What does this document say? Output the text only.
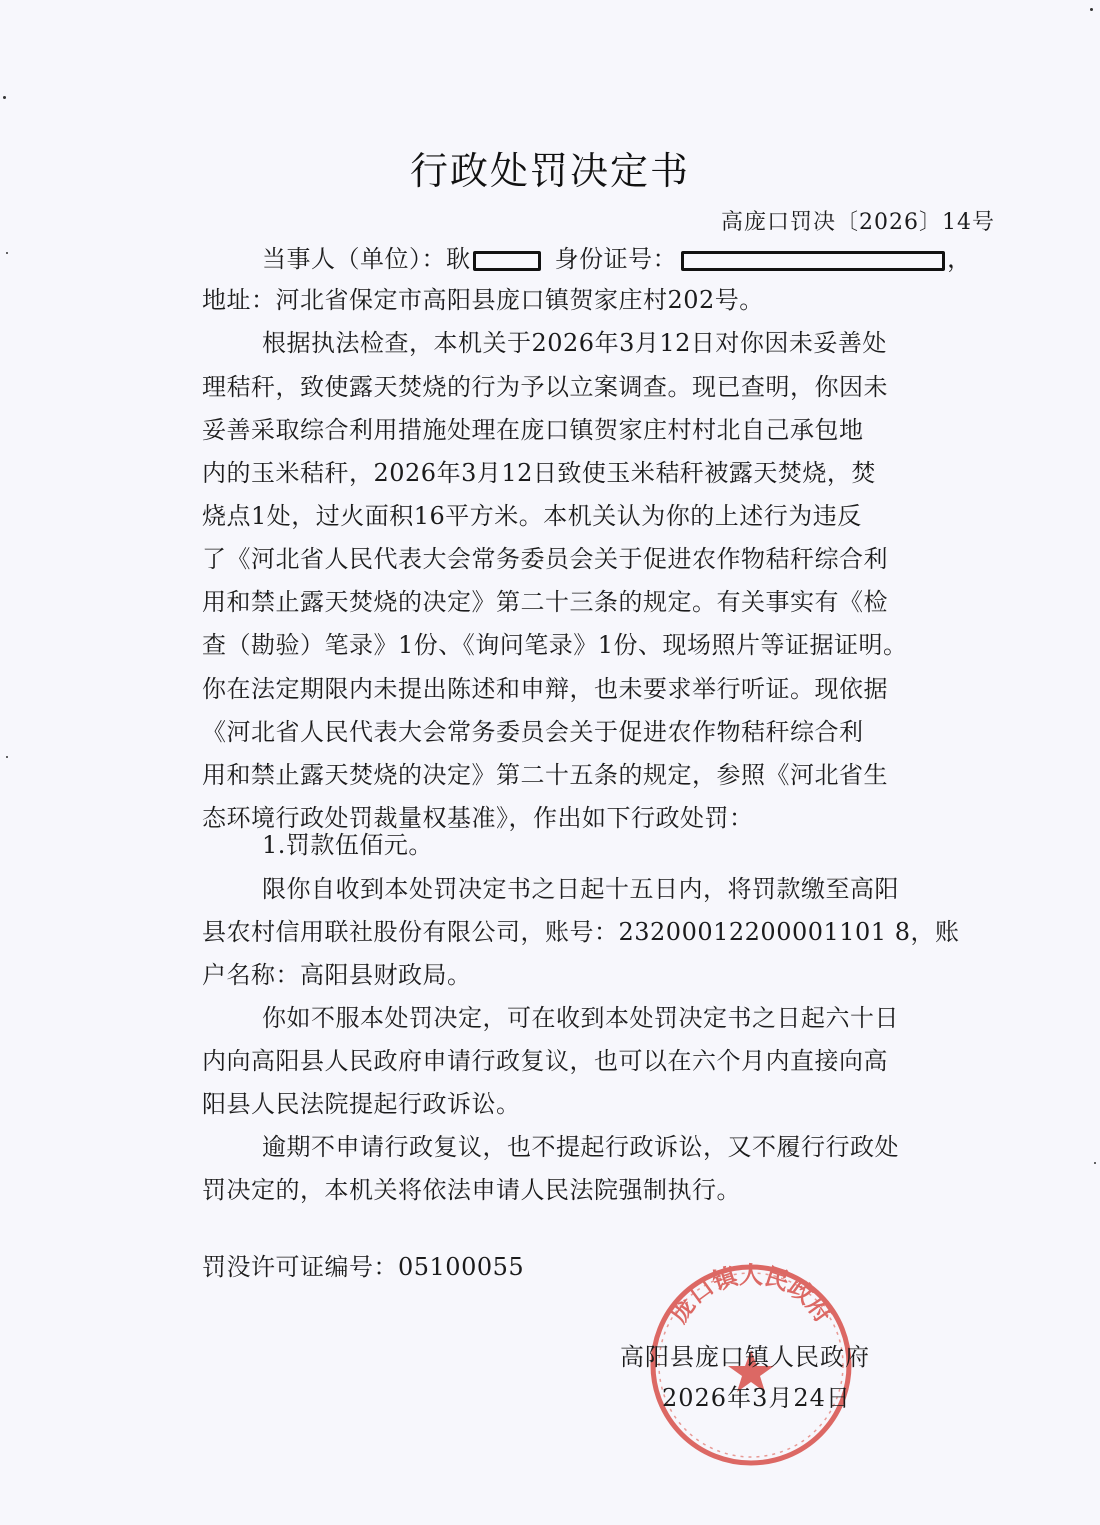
行政处罚决定书
高庞口罚决〔2026〕14号
当事人（单位）：耿	身份证号：	，
地址：河北省保定市高阳县庞口镇贺家庄村202号。
根据执法检查，本机关于2026年3月12日对你因未妥善处
理秸秆，致使露天焚烧的行为予以立案调查。现已查明，你因未
妥善采取综合利用措施处理在庞口镇贺家庄村村北自己承包地
内的玉米秸秆，2026年3月12日致使玉米秸秆被露天焚烧，焚
烧点1处，过火面积16平方米。本机关认为你的上述行为违反
了《河北省人民代表大会常务委员会关于促进农作物秸秆综合利
用和禁止露天焚烧的决定》第二十三条的规定。有关事实有《检
查（勘验）笔录》1份、《询问笔录》1份、现场照片等证据证明。
你在法定期限内未提出陈述和申辩，也未要求举行听证。现依据
《河北省人民代表大会常务委员会关于促进农作物秸秆综合利
用和禁止露天焚烧的决定》第二十五条的规定，参照《河北省生
态环境行政处罚裁量权基准》，作出如下行政处罚：
1.罚款伍佰元。
限你自收到本处罚决定书之日起十五日内，将罚款缴至高阳
县农村信用联社股份有限公司，账号：23200012200001101 8，账
户名称：高阳县财政局。
你如不服本处罚决定，可在收到本处罚决定书之日起六十日
内向高阳县人民政府申请行政复议，也可以在六个月内直接向高
阳县人民法院提起行政诉讼。
逾期不申请行政复议，也不提起行政诉讼，又不履行行政处
罚决定的，本机关将依法申请人民法院强制执行。
罚没许可证编号：05100055
庞口镇人民政府
高阳县庞口镇人民政府
2026年3月24日
